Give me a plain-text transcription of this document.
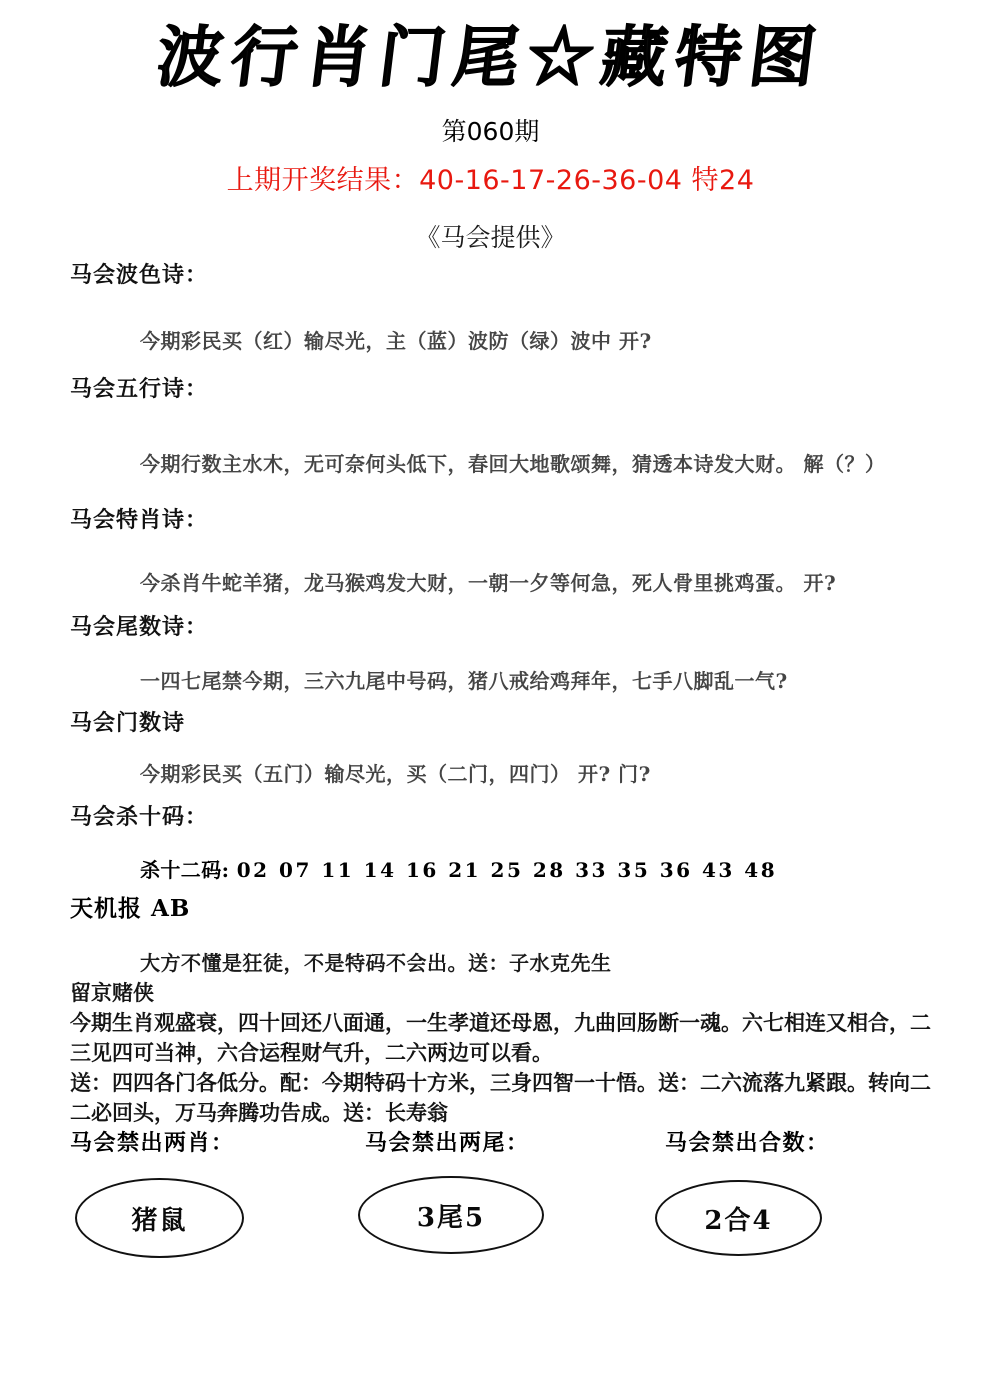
波行肖门尾☆藏特图
第060期
上期开奖结果：40-16-17-26-36-04 特24
《马会提供》
马会波色诗：
今期彩民买（红）输尽光，主（蓝）波防（绿）波中 开?
马会五行诗：
今期行数主水木，无可奈何头低下，春回大地歌颂舞，猜透本诗发大财。 解（？）
马会特肖诗：
今杀肖牛蛇羊猪，龙马猴鸡发大财，一朝一夕等何急，死人骨里挑鸡蛋。 开?
马会尾数诗：
一四七尾禁今期，三六九尾中号码，猪八戒给鸡拜年，七手八脚乱一气?
马会门数诗
今期彩民买（五门）输尽光，买（二门，四门） 开? 门?
马会杀十码：
杀十二码: 02 07 11 14 16 21 25 28 33 35 36 43 48
天机报 AB
大方不懂是狂徒，不是特码不会出。送：子水克先生
留京赌侠
今期生肖观盛衰，四十回还八面通，一生孝道还母恩，九曲回肠断一魂。六七相连又相合，二
三见四可当神，六合运程财气升，二六两边可以看。
送：四四各门各低分。配：今期特码十方米，三身四智一十悟。送：二六流落九紧跟。转向二
二必回头，万马奔腾功告成。送：长寿翁
马会禁出两肖：
猪鼠
马会禁出两尾：
3尾5
马会禁出合数：
2合4
